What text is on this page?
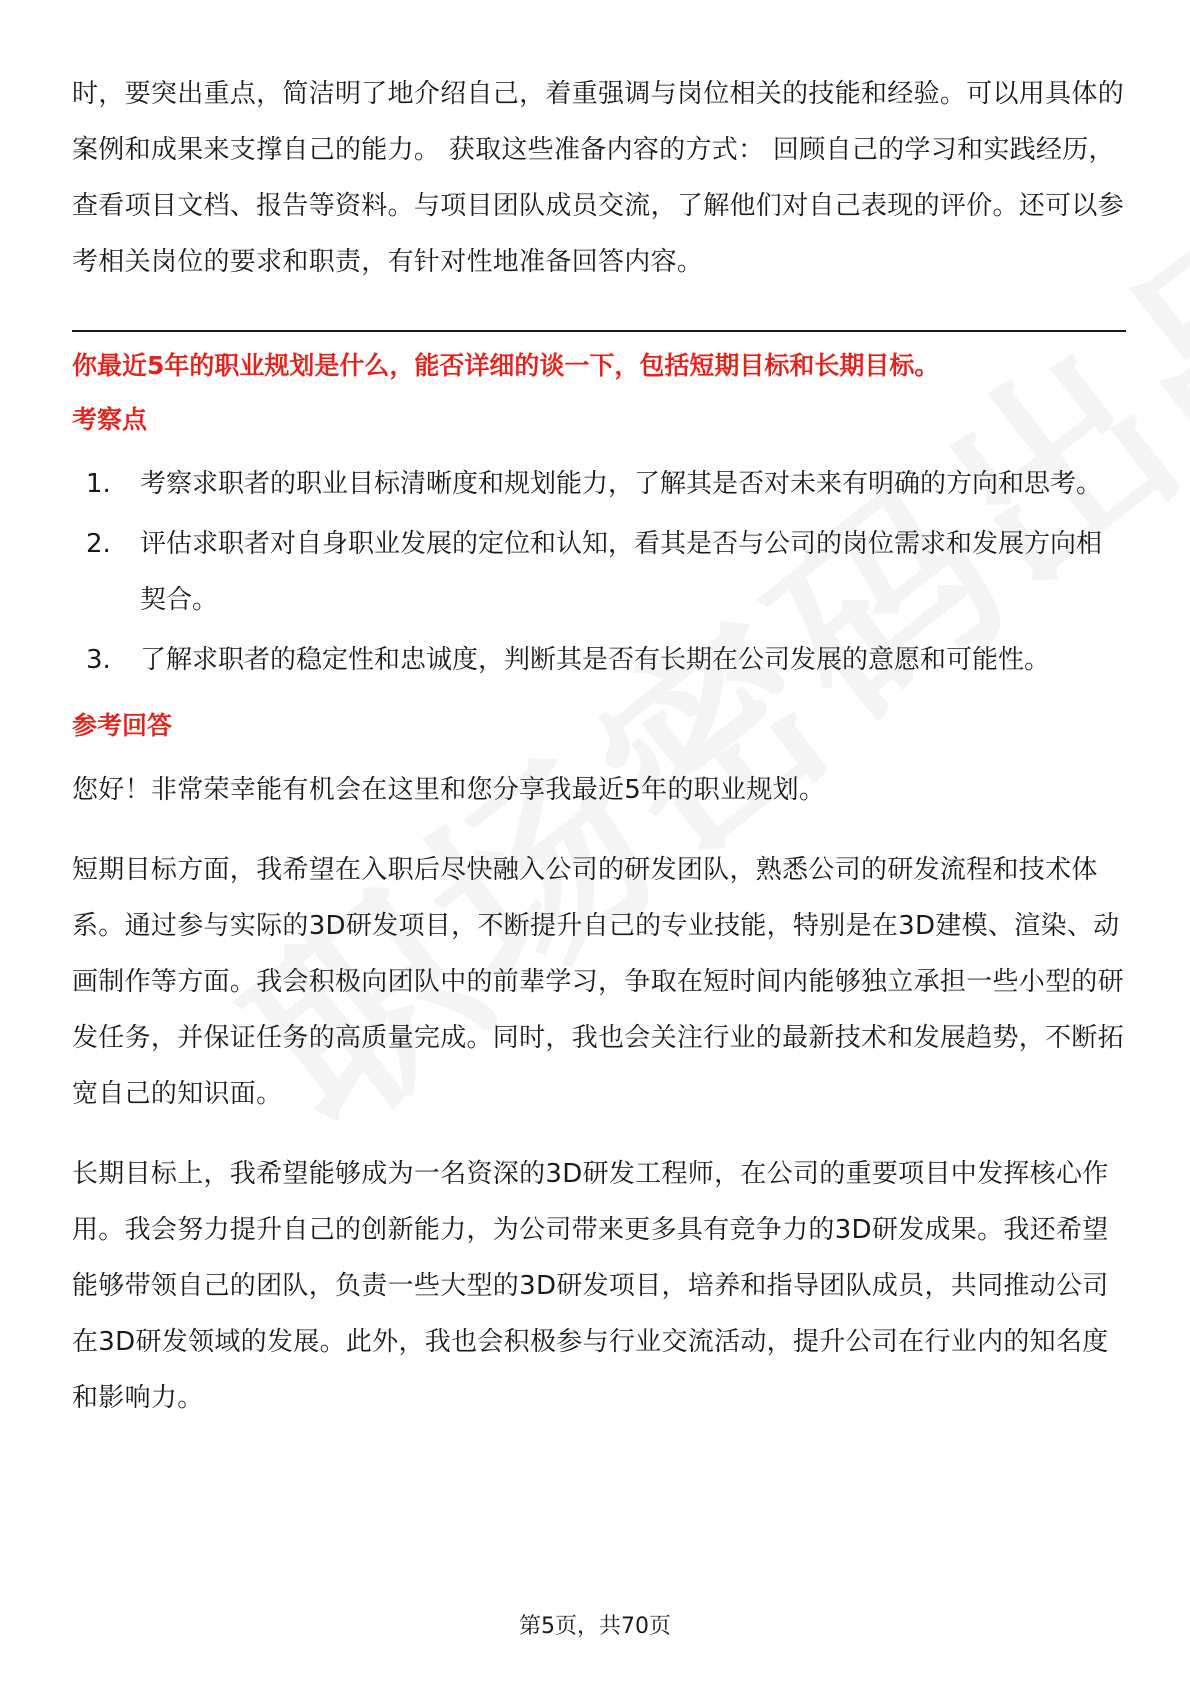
时，要突出重点，简洁明了地介绍自己，着重强调与岗位相关的技能和经验。可以用具体的案例和成果来支撑自己的能力。 获取这些准备内容的方式： 回顾自己的学习和实践经历，查看项目文档、报告等资料。与项目团队成员交流，了解他们对自己表现的评价。还可以参考相关岗位的要求和职责，有针对性地准备回答内容。

你最近5年的职业规划是什么，能否详细的谈一下，包括短期目标和长期目标。

考察点

1.	考察求职者的职业目标清晰度和规划能力，了解其是否对未来有明确的方向和思考。
2.	评估求职者对自身职业发展的定位和认知，看其是否与公司的岗位需求和发展方向相契合。
3.	了解求职者的稳定性和忠诚度，判断其是否有长期在公司发展的意愿和可能性。

参考回答

您好！非常荣幸能有机会在这里和您分享我最近5年的职业规划。

短期目标方面，我希望在入职后尽快融入公司的研发团队，熟悉公司的研发流程和技术体系。通过参与实际的3D研发项目，不断提升自己的专业技能，特别是在3D建模、渲染、动画制作等方面。我会积极向团队中的前辈学习，争取在短时间内能够独立承担一些小型的研发任务，并保证任务的高质量完成。同时，我也会关注行业的最新技术和发展趋势，不断拓宽自己的知识面。

长期目标上，我希望能够成为一名资深的3D研发工程师，在公司的重要项目中发挥核心作用。我会努力提升自己的创新能力，为公司带来更多具有竞争力的3D研发成果。我还希望能够带领自己的团队，负责一些大型的3D研发项目，培养和指导团队成员，共同推动公司在3D研发领域的发展。此外，我也会积极参与行业交流活动，提升公司在行业内的知名度和影响力。

第5页，共70页
